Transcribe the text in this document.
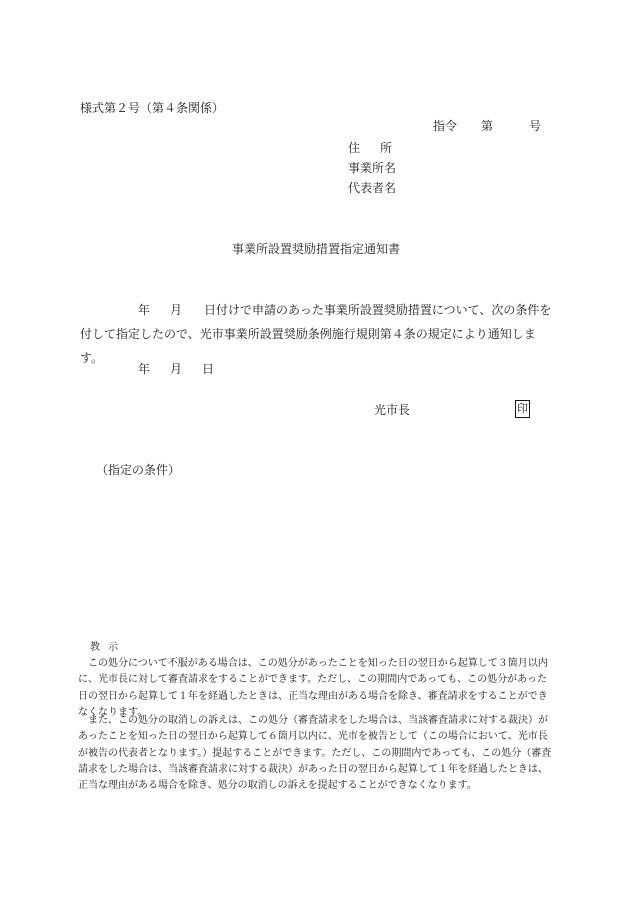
様式第２号（第４条関係）
指令 第	号
住所
事業所名
代表者名
事業所設置奨励措置指定通知書
年 月 日付けで申請のあった事業所設置奨励措置について、次の条件を付して指定したので、光市事業所設置奨励条例施行規則第４条の規定により通知します。
年 月 日
光市長	印
（指定の条件）
教示
この処分について不服がある場合は、この処分があったことを知った日の翌日から起算して３箇月以内に、光市長に対して審査請求をすることができます。ただし、この期間内であっても、この処分があった日の翌日から起算して１年を経過したときは、正当な理由がある場合を除き、審査請求をすることができなくなります。
また、この処分の取消しの訴えは、この処分（審査請求をした場合は、当該審査請求に対する裁決）があったことを知った日の翌日から起算して６箇月以内に、光市を被告として（この場合において、光市長が被告の代表者となります。）提起することができます。ただし、この期間内であっても、この処分（審査請求をした場合は、当該審査請求に対する裁決）があった日の翌日から起算して１年を経過したときは、正当な理由がある場合を除き、処分の取消しの訴えを提起することができなくなります。
